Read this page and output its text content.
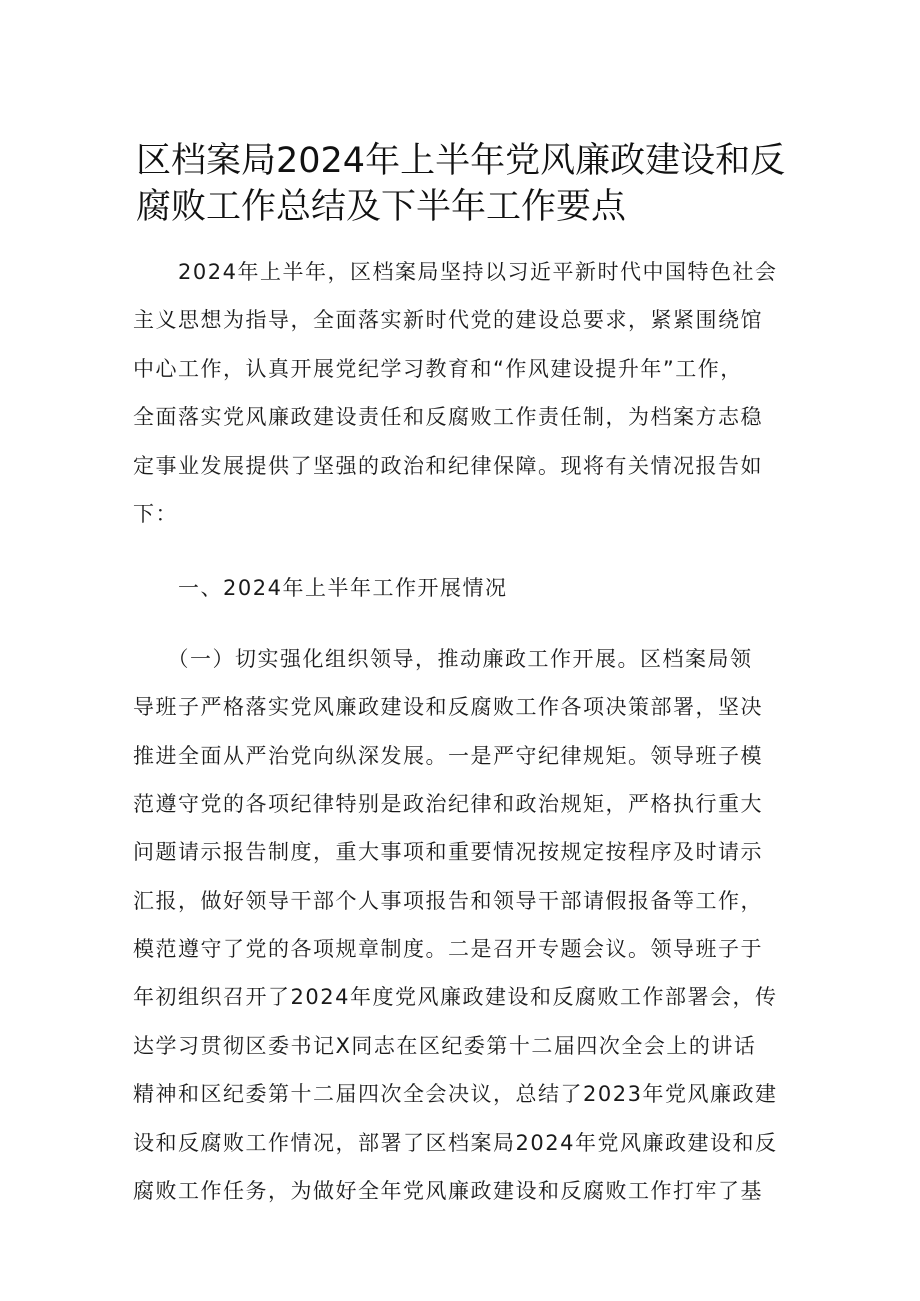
区档案局2024年上半年党风廉政建设和反
腐败工作总结及下半年工作要点
　　2024年上半年，区档案局坚持以习近平新时代中国特色社会
主义思想为指导，全面落实新时代党的建设总要求，紧紧围绕馆
中心工作，认真开展党纪学习教育和“作风建设提升年”工作，
全面落实党风廉政建设责任和反腐败工作责任制，为档案方志稳
定事业发展提供了坚强的政治和纪律保障。现将有关情况报告如
下：
　　一、2024年上半年工作开展情况
　　（一）切实强化组织领导，推动廉政工作开展。区档案局领
导班子严格落实党风廉政建设和反腐败工作各项决策部署，坚决
推进全面从严治党向纵深发展。一是严守纪律规矩。领导班子模
范遵守党的各项纪律特别是政治纪律和政治规矩，严格执行重大
问题请示报告制度，重大事项和重要情况按规定按程序及时请示
汇报，做好领导干部个人事项报告和领导干部请假报备等工作，
模范遵守了党的各项规章制度。二是召开专题会议。领导班子于
年初组织召开了2024年度党风廉政建设和反腐败工作部署会，传
达学习贯彻区委书记X同志在区纪委第十二届四次全会上的讲话
精神和区纪委第十二届四次全会决议，总结了2023年党风廉政建
设和反腐败工作情况，部署了区档案局2024年党风廉政建设和反
腐败工作任务，为做好全年党风廉政建设和反腐败工作打牢了基
